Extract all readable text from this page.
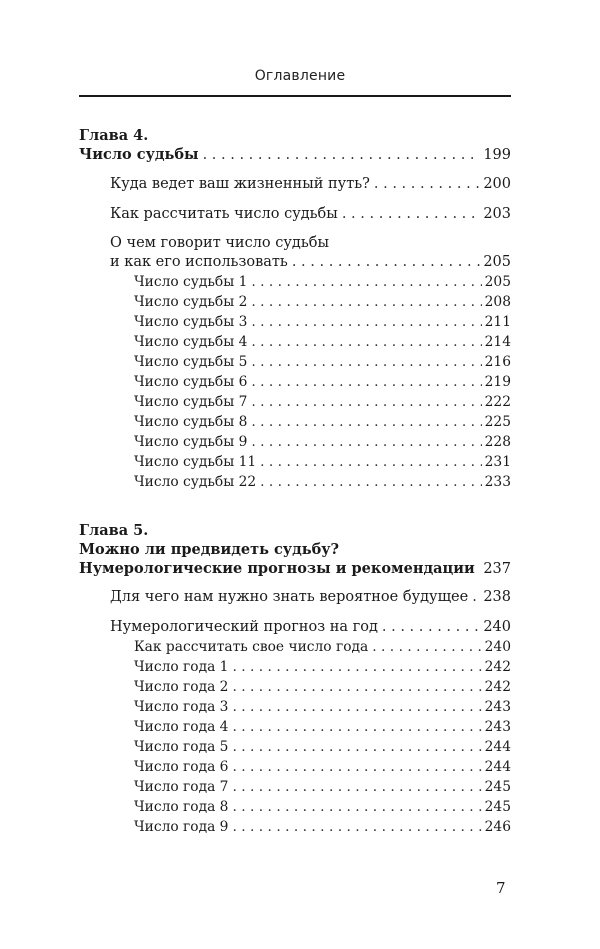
Оглавление
Глава 4.
Число судьбы . . .	199
Куда ведет ваш жизненный путь? . . .	200
Как рассчитать число судьбы . . .	203
О чем говорит число судьбы
и как его использовать . . .	205
Число судьбы 1 . . .	205
Число судьбы 2 . . .	208
Число судьбы 3 . . .	211
Число судьбы 4 . . .	214
Число судьбы 5 . . .	216
Число судьбы 6 . . .	219
Число судьбы 7 . . .	222
Число судьбы 8 . . .	225
Число судьбы 9 . . .	228
Число судьбы 11 . . .	231
Число судьбы 22 . . .	233
Глава 5.
Можно ли предвидеть судьбу?
Нумерологические прогнозы и рекомендации . . . 237
Для чего нам нужно знать вероятное будущее . . . 238
Нумерологический прогноз на год . . .	240
Как рассчитать свое число года . . .	240
Число года 1 . . .	242
Число года 2 . . .	242
Число года 3 . . .	243
Число года 4 . . .	243
Число года 5 . . .	244
Число года 6 . . .	244
Число года 7 . . .	245
Число года 8 . . .	245
Число года 9 . . .	246
7
